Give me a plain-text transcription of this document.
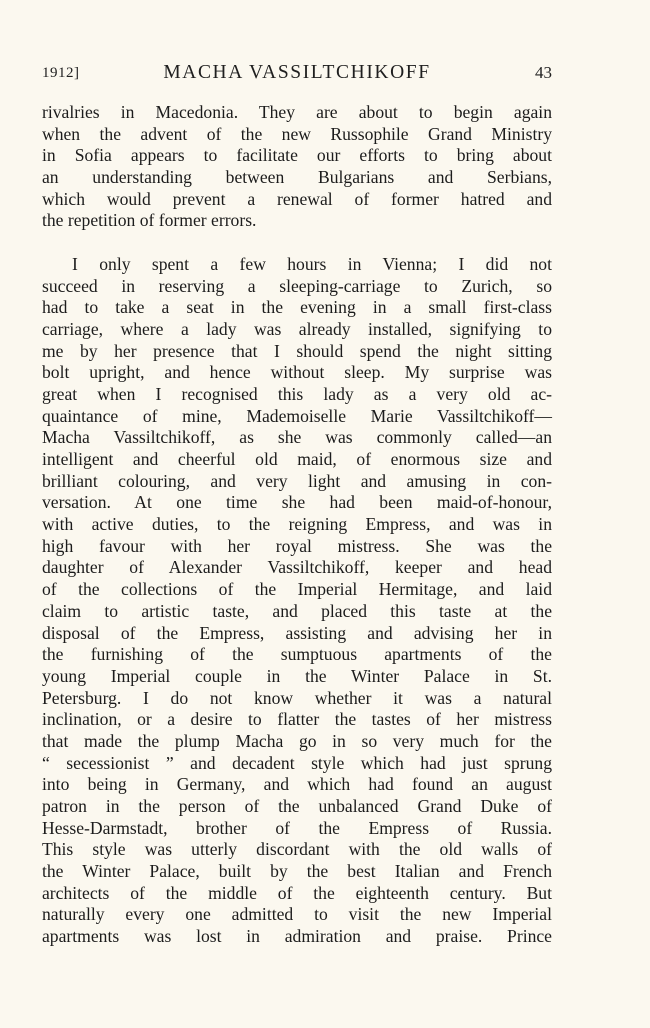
1912]	MACHA VASSILTCHIKOFF	43
rivalries in Macedonia. They are about to begin again
when the advent of the new Russophile Grand Ministry
in Sofia appears to facilitate our efforts to bring about
an understanding between Bulgarians and Serbians,
which would prevent a renewal of former hatred and
the repetition of former errors.
I only spent a few hours in Vienna; I did not
succeed in reserving a sleeping-carriage to Zurich, so
had to take a seat in the evening in a small first-class
carriage, where a lady was already installed, signifying to
me by her presence that I should spend the night sitting
bolt upright, and hence without sleep. My surprise was
great when I recognised this lady as a very old ac-
quaintance of mine, Mademoiselle Marie Vassiltchikoff—
Macha Vassiltchikoff, as she was commonly called—an
intelligent and cheerful old maid, of enormous size and
brilliant colouring, and very light and amusing in con-
versation. At one time she had been maid-of-honour,
with active duties, to the reigning Empress, and was in
high favour with her royal mistress. She was the
daughter of Alexander Vassiltchikoff, keeper and head
of the collections of the Imperial Hermitage, and laid
claim to artistic taste, and placed this taste at the
disposal of the Empress, assisting and advising her in
the furnishing of the sumptuous apartments of the
young Imperial couple in the Winter Palace in St.
Petersburg. I do not know whether it was a natural
inclination, or a desire to flatter the tastes of her mistress
that made the plump Macha go in so very much for the
“ secessionist ” and decadent style which had just sprung
into being in Germany, and which had found an august
patron in the person of the unbalanced Grand Duke of
Hesse-Darmstadt, brother of the Empress of Russia.
This style was utterly discordant with the old walls of
the Winter Palace, built by the best Italian and French
architects of the middle of the eighteenth century. But
naturally every one admitted to visit the new Imperial
apartments was lost in admiration and praise. Prince
